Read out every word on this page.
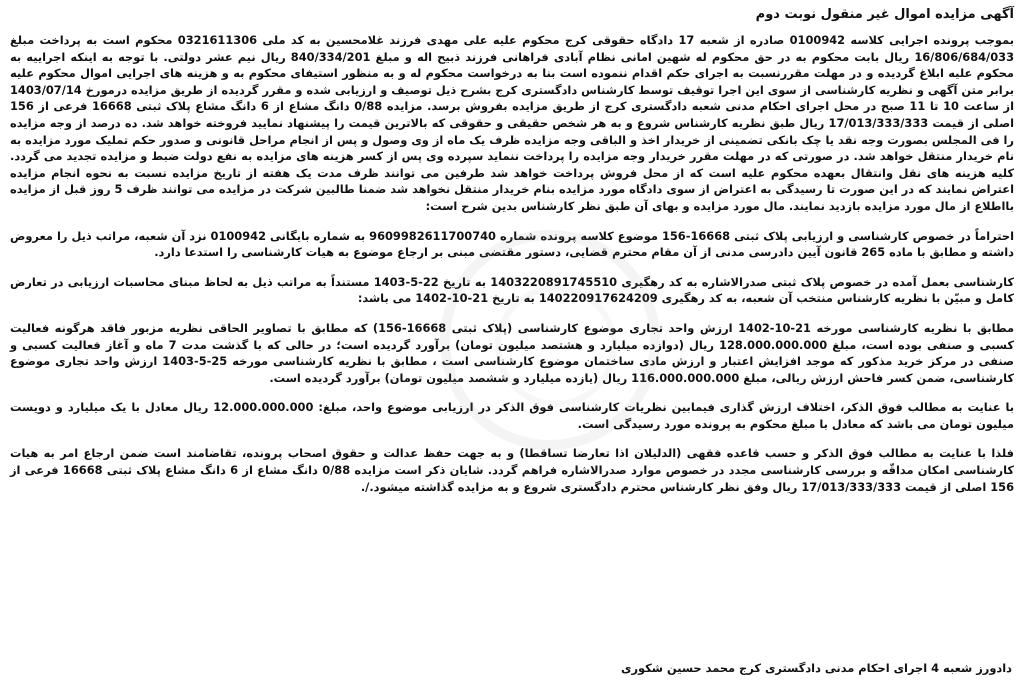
آگهی مزایده اموال غیر منقول نوبت دوم
بموجب پرونده اجرایی کلاسه 0100942 صادره از شعبه 17 دادگاه حقوقی کرج محکوم علیه علی مهدی فرزند غلامحسین به کد ملی 0321611306 محکوم است به پرداخت مبلغ 16/806/684/033 ریال بابت محکوم به در حق محکوم له شهین امانی نظام آبادی فراهانی فرزند ذبیح اله و مبلغ 840/334/201 ریال نیم عشر دولتی. با توجه به اینکه اجراییه به محکوم علیه ابلاغ گردیده و در مهلت مقررنسبت به اجرای حکم اقدام ننموده است بنا به درخواست محکوم له و به منظور استیفای محکوم به و هزینه های اجرایی اموال محکوم علیه برابر متن آگهی و نظریه کارشناسی از سوی این اجرا توقیف توسط کارشناس دادگستری کرج بشرح ذیل توصیف و ارزیابی شده و مقرر گردیده از طریق مزایده درمورخ 1403/07/14 از ساعت 10 تا 11 صبح در محل اجرای احکام مدنی شعبه دادگستری کرج از طریق مزایده بفروش برسد. مزایده 0/88 دانگ مشاع از 6 دانگ مشاع پلاک ثبتی 16668 فرعی از 156 اصلی از قیمت 17/013/333/333 ریال طبق نظریه کارشناس شروع و به هر شخص حقیقی و حقوقی که بالاترین قیمت را پیشنهاد نمایید فروخته خواهد شد. ده درصد از وجه مزایده را فی المجلس بصورت وجه نقد یا چک بانکی تضمینی از خریدار اخذ و الباقی وجه مزایده ظرف یک ماه از وی وصول و پس از انجام مراحل قانونی و صدور حکم تملیک مورد مزایده به نام خریدار منتقل خواهد شد. در صورتی که در مهلت مقرر خریدار وجه مزایده را پرداخت ننماید سپرده وی پس از کسر هزینه های مزایده به نفع دولت ضبط و مزایده تجدید می گردد. کلیه هزینه های نقل وانتقال بعهده محکوم علیه است که از محل فروش پرداخت خواهد شد طرفین می توانند ظرف مدت یک هفته از تاریخ مزایده نسبت به نحوه انجام مزایده اعتراض نمایند که در این صورت تا رسیدگی به اعتراض از سوی دادگاه مورد مزایده بنام خریدار منتقل نخواهد شد ضمنا طالبین شرکت در مزایده می توانند ظرف 5 روز قبل از مزایده بااطلاع از مال مورد مزایده بازدید نمایند. مال مورد مزایده و بهای آن طبق نظر کارشناس بدین شرح است:
احتراماً در خصوص کارشناسی و ارزیابی پلاک ثبتی 16668-156 موضوع کلاسه پرونده شماره 9609982611700740 به شماره بایگانی 0100942 نزد آن شعبه، مراتب ذیل را معروض داشته و مطابق با ماده 265 قانون آیین دادرسی مدنی از آن مقام محترم قضایی، دستور مقتضی مبنی بر ارجاع موضوع به هیات کارشناسی را استدعا دارد.
کارشناسی بعمل آمده در خصوص پلاک ثبتی صدرالاشاره به کد رهگیری 1403220891745510 به تاریخ 22-5-1403 مستنداً به مراتب ذیل به لحاظ مبنای محاسبات ارزیابی در تعارض کامل و مبیّن با نظریه کارشناس منتخب آن شعبه، به کد رهگیری 140220917624209 به تاریخ 21-10-1402 می باشد:
مطابق با نظریه کارشناسی مورخه 21-10-1402 ارزش واحد تجاری موضوع کارشناسی (پلاک ثبتی 16668-156) که مطابق با تصاویر الحاقی نظریه مزبور فاقد هرگونه فعالیت کسبی و صنفی بوده است، مبلغ 128.000.000.000 ریال (دوازده میلیارد و هشتصد میلیون تومان) برآورد گردیده است؛ در حالی که با گذشت مدت 7 ماه و آغاز فعالیت کسبی و صنفی در مرکز خرید مذکور که موجد افزایش اعتبار و ارزش مادی ساختمان موضوع کارشناسی است ، مطابق با نظریه کارشناسی مورخه 25-5-1403 ارزش واحد تجاری موضوع کارشناسی، ضمن کسر فاحش ارزش ریالی، مبلغ 116.000.000.000 ریال (یازده میلیارد و ششصد میلیون تومان) برآورد گردیده است.
با عنایت به مطالب فوق الذکر، اختلاف ارزش گذاری فیمابین نظریات کارشناسی فوق الذکر در ارزیابی موضوع واحد، مبلغ: 12.000.000.000 ریال معادل با یک میلیارد و دویست میلیون تومان می باشد که معادل با مبلغ محکوم به پرونده مورد رسیدگی است.
فلذا با عنایت به مطالب فوق الذکر و حسب قاعده فقهی (الدلیلان اذا تعارضا تساقطا) و به جهت حفظ عدالت و حقوق اصحاب پرونده، تقاضامند است ضمن ارجاع امر به هیات کارشناسی امکان مداقّه و بررسی کارشناسی مجدد در خصوص موارد صدرالاشاره فراهم گردد. شایان ذکر است مزایده 0/88 دانگ مشاع از 6 دانگ مشاع پلاک ثبتی 16668 فرعی از 156 اصلی از قیمت 17/013/333/333 ریال وفق نظر کارشناس محترم دادگستری شروع و به مزایده گذاشته میشود./.
دادورز شعبه 4 اجرای احکام مدنی دادگستری کرج محمد حسین شکوری
